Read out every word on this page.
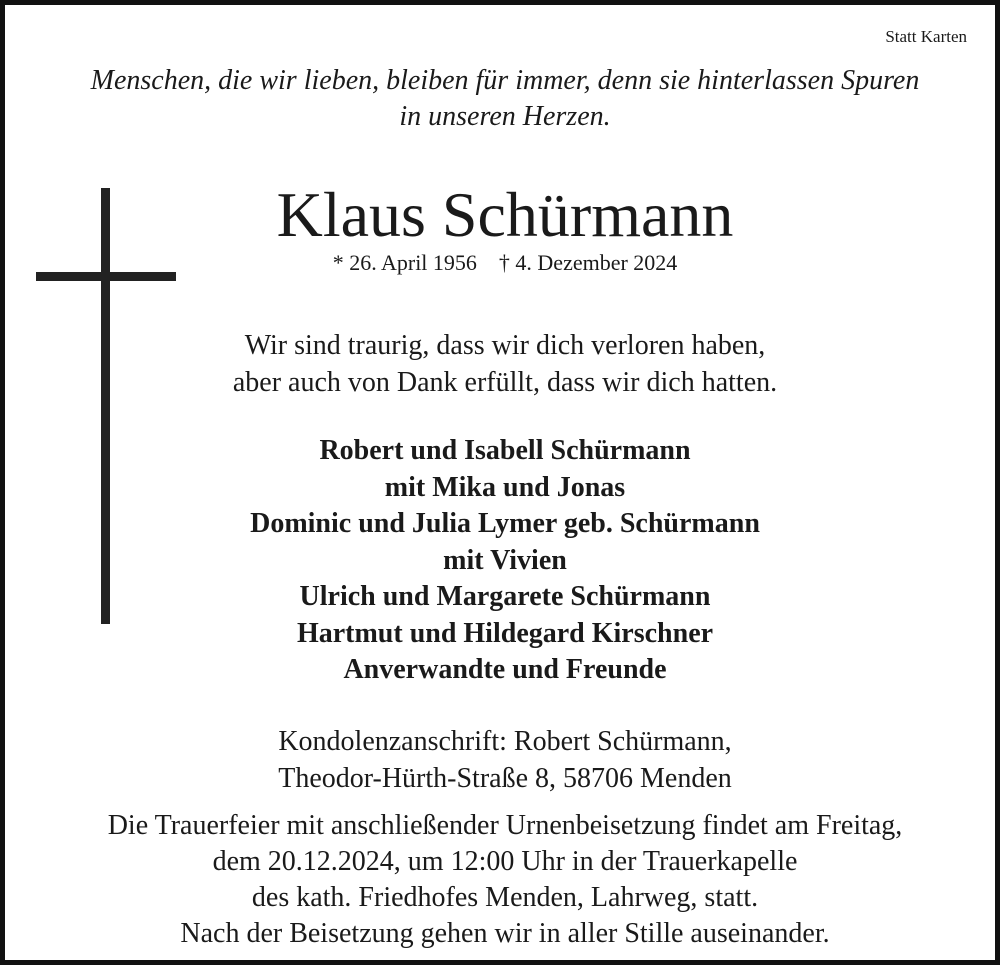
Statt Karten
Menschen, die wir lieben, bleiben für immer, denn sie hinterlassen Spuren
in unseren Herzen.
Klaus Schürmann
* 26. April 1956 † 4. Dezember 2024
Wir sind traurig, dass wir dich verloren haben,
aber auch von Dank erfüllt, dass wir dich hatten.
Robert und Isabell Schürmann
mit Mika und Jonas
Dominic und Julia Lymer geb. Schürmann
mit Vivien
Ulrich und Margarete Schürmann
Hartmut und Hildegard Kirschner
Anverwandte und Freunde
Kondolenzanschrift: Robert Schürmann,
Theodor-Hürth-Straße 8, 58706 Menden
Die Trauerfeier mit anschließender Urnenbeisetzung findet am Freitag,
dem 20.12.2024, um 12:00 Uhr in der Trauerkapelle
des kath. Friedhofes Menden, Lahrweg, statt.
Nach der Beisetzung gehen wir in aller Stille auseinander.
